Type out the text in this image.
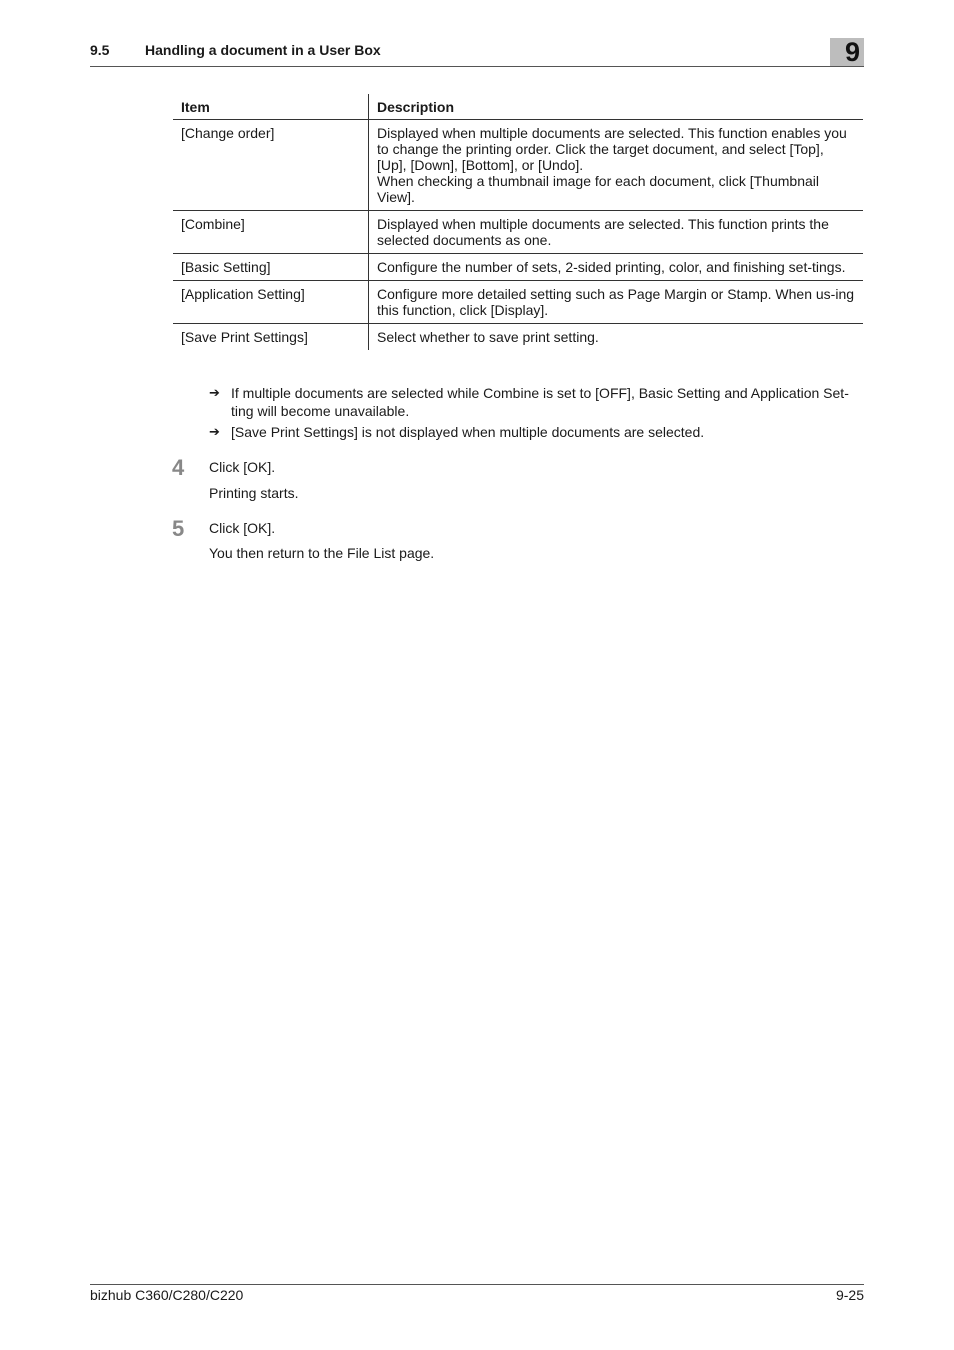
9.5	Handling a document in a User Box	9
Item	Description
[Change order]	Displayed when multiple documents are selected. This function enables you to change the printing order. Click the target document, and select [Top], [Up], [Down], [Bottom], or [Undo].
When checking a thumbnail image for each document, click [Thumbnail View].
[Combine]	Displayed when multiple documents are selected. This function prints the selected documents as one.
[Basic Setting]	Configure the number of sets, 2-sided printing, color, and finishing set-tings.
[Application Setting]	Configure more detailed setting such as Page Margin or Stamp. When us-ing this function, click [Display].
[Save Print Settings]	Select whether to save print setting.
➔ If multiple documents are selected while Combine is set to [OFF], Basic Setting and Application Set-ting will become unavailable.
➔ [Save Print Settings] is not displayed when multiple documents are selected.
4 Click [OK].
Printing starts.
5 Click [OK].
You then return to the File List page.
bizhub C360/C280/C220	9-25
